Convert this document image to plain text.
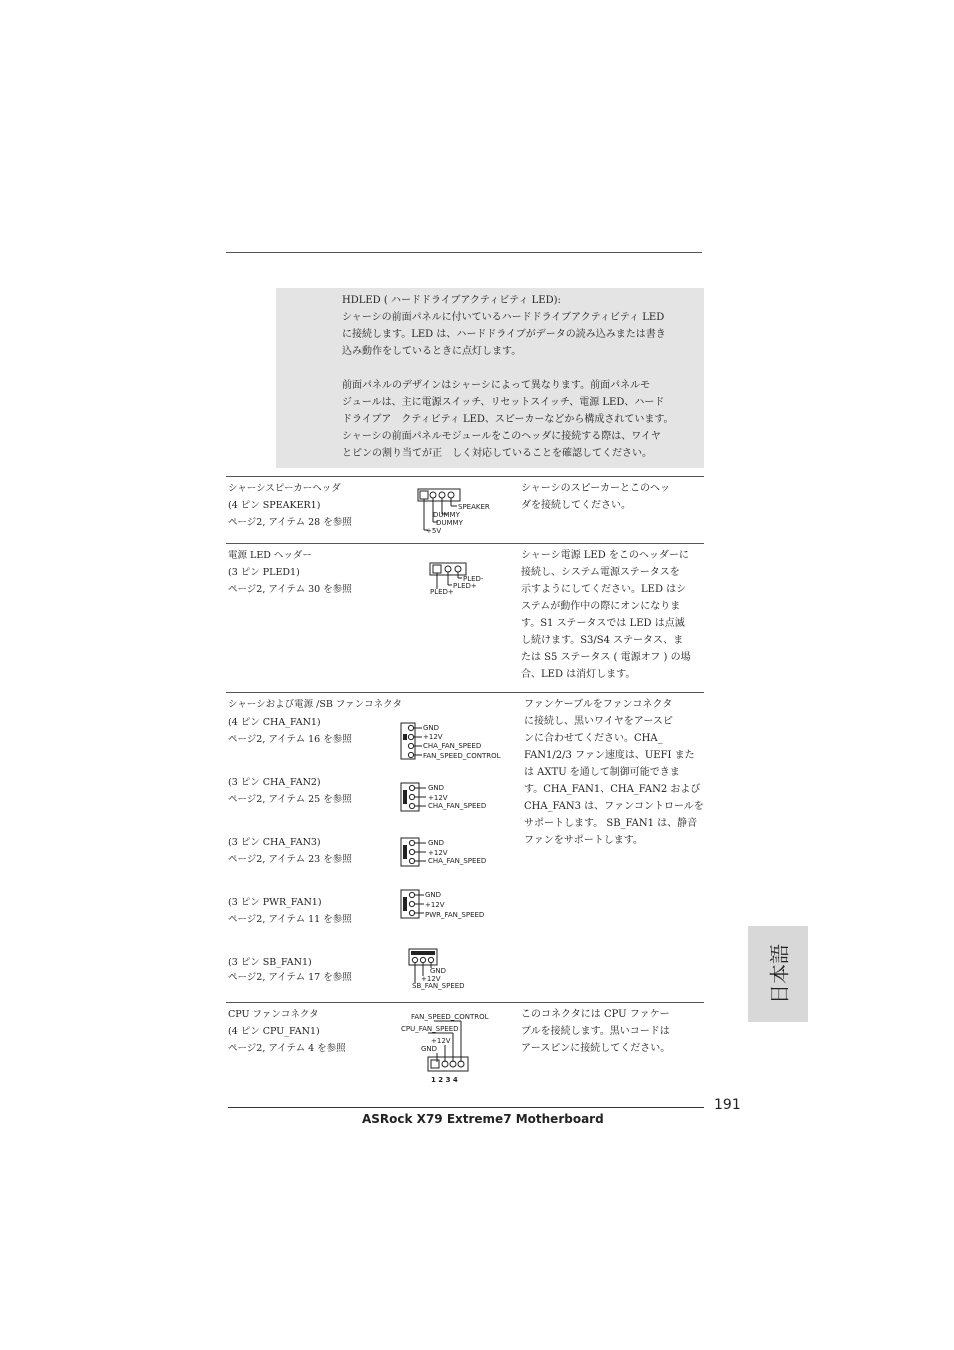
HDLED ( ハードドライブアクティビティ LED):

シャーシの前面パネルに付いているハードドライブアクティビティ LED

に接続します。LED は、ハードドライブがデータの読み込みまたは書き

込み動作をしているときに点灯します。

前面パネルのデザインはシャーシによって異なります。前面パネルモ

ジュールは、主に電源スイッチ、リセットスイッチ、電源 LED、ハード

ドライブア　クティビティ LED、スピーカーなどから構成されています。

シャーシの前面パネルモジュールをこのヘッダに接続する際は、ワイヤ

とピンの割り当てが正　しく対応していることを確認してください。

シャーシスピーカーヘッダ
(4 ピン SPEAKER1)
ページ2, アイテム 28 を参照
SPEAKER
DUMMY
DUMMY
+5V
シャーシのスピーカーとこのヘッ
ダを接続してください。
電源 LED ヘッダー
(3 ピン PLED1)
ページ2, アイテム 30 を参照
PLED-
PLED+
PLED+
シャーシ電源 LED をこのヘッダーに
接続し、システム電源ステータスを
示すようにしてください。LED はシ
ステムが動作中の際にオンになりま
す。S1 ステータスでは LED は点滅
し続けます。S3/S4 ステータス、ま
たは S5 ステータス ( 電源オフ ) の場
合、LED は消灯します。
シャーシおよび電源 /SB ファンコネクタ
(4 ピン CHA_FAN1)
ページ2, アイテム 16 を参照
GND
+12V
CHA_FAN_SPEED
FAN_SPEED_CONTROL
(3 ピン CHA_FAN2)
ページ2, アイテム 25 を参照
GND
+12V
CHA_FAN_SPEED
(3 ピン CHA_FAN3)
ページ2, アイテム 23 を参照
GND
+12V
CHA_FAN_SPEED
(3 ピン PWR_FAN1)
ページ2, アイテム 11 を参照
GND
+12V
PWR_FAN_SPEED
(3 ピン SB_FAN1)
ページ2, アイテム 17 を参照
GND
+12V
SB_FAN_SPEED
ファンケーブルをファンコネクタ
に接続し、黒いワイヤをアースピ
ンに合わせてください。CHA_
FAN1/2/3 ファン速度は、UEFI また
は AXTU を通して制御可能できま
す。CHA_FAN1、CHA_FAN2 および
CHA_FAN3 は、ファンコントロールを
サポートします。 SB_FAN1 は、静音
ファンをサポートします。
CPU ファンコネクタ
(4 ピン CPU_FAN1)
ページ2, アイテム 4 を参照
FAN_SPEED_CONTROL
CPU_FAN_SPEED
+12V
GND
1 2 3 4
このコネクタには CPU ファケー
ブルを接続します。黒いコードは
アースピンに接続してください。
日本語
191
ASRock X79 Extreme7 Motherboard
